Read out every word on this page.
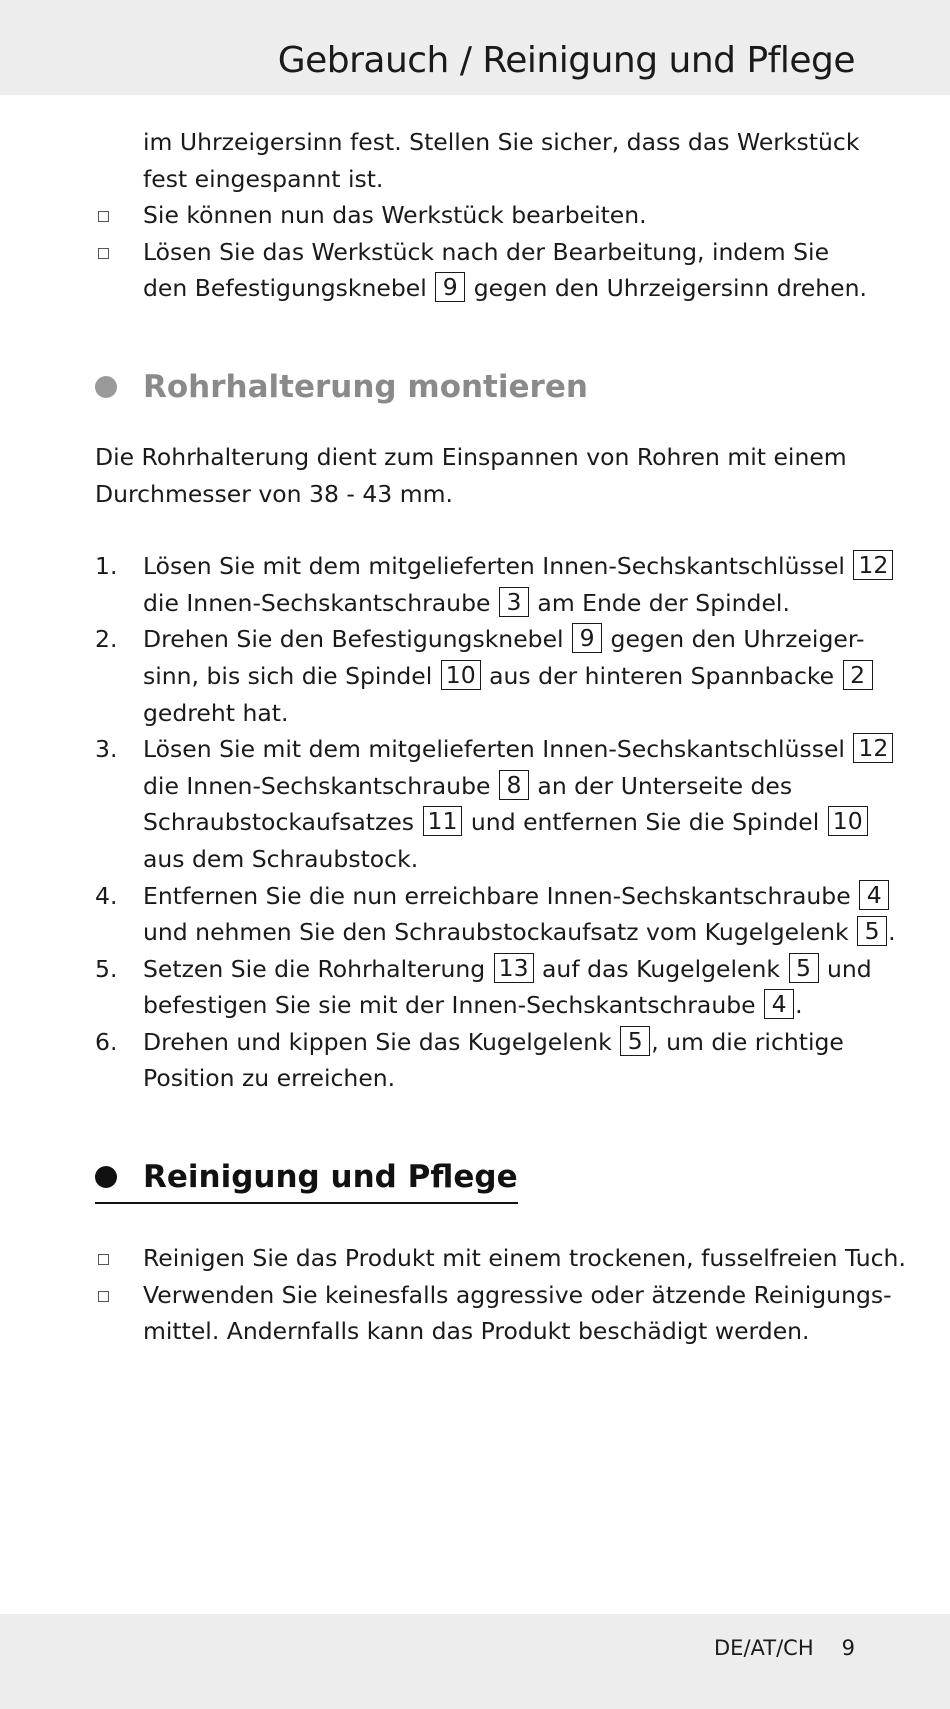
Gebrauch / Reinigung und Pflege
im Uhrzeigersinn fest. Stellen Sie sicher, dass das Werkstück
fest eingespannt ist.
Sie können nun das Werkstück bearbeiten.
Lösen Sie das Werkstück nach der Bearbeitung, indem Sie
den Befestigungsknebel 9 gegen den Uhrzeigersinn drehen.
Rohrhalterung montieren
Die Rohrhalterung dient zum Einspannen von Rohren mit einem
Durchmesser von 38 - 43 mm.
1. Lösen Sie mit dem mitgelieferten Innen-Sechskantschlüssel 12
die Innen-Sechskantschraube 3 am Ende der Spindel.
2. Drehen Sie den Befestigungsknebel 9 gegen den Uhrzeiger-
sinn, bis sich die Spindel 10 aus der hinteren Spannbacke 2
gedreht hat.
3. Lösen Sie mit dem mitgelieferten Innen-Sechskantschlüssel 12
die Innen-Sechskantschraube 8 an der Unterseite des
Schraubstockaufsatzes 11 und entfernen Sie die Spindel 10
aus dem Schraubstock.
4. Entfernen Sie die nun erreichbare Innen-Sechskantschraube 4
und nehmen Sie den Schraubstockaufsatz vom Kugelgelenk 5 .
5. Setzen Sie die Rohrhalterung 13 auf das Kugelgelenk 5 und
befestigen Sie sie mit der Innen-Sechskantschraube 4 .
6. Drehen und kippen Sie das Kugelgelenk 5 , um die richtige
Position zu erreichen.
Reinigung und Pflege
Reinigen Sie das Produkt mit einem trockenen, fusselfreien Tuch.
Verwenden Sie keinesfalls aggressive oder ätzende Reinigungs-
mittel. Andernfalls kann das Produkt beschädigt werden.
DE/AT/CH 9
